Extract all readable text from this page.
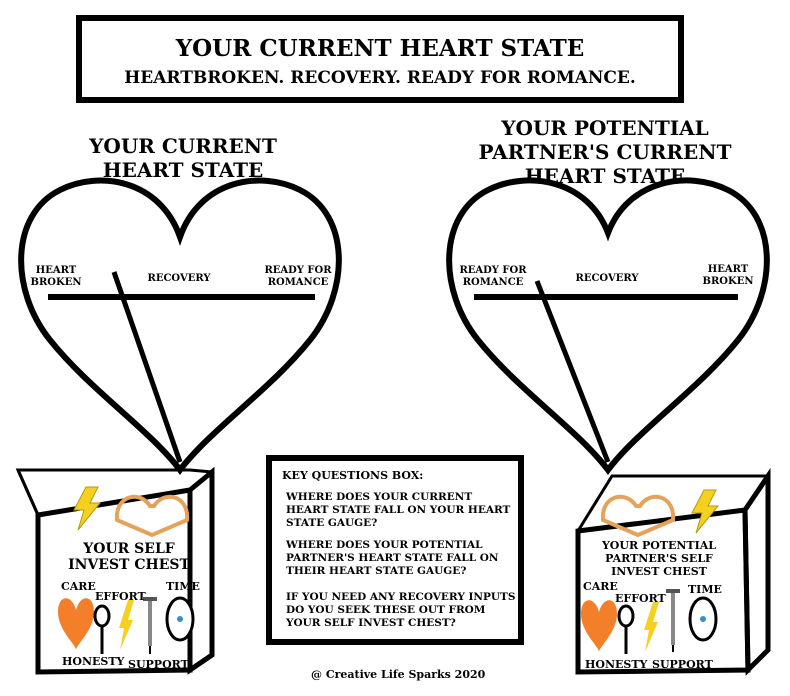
YOUR CURRENT HEART STATE
HEARTBROKEN. RECOVERY. READY FOR ROMANCE.
YOUR CURRENT
HEART STATE
HEART
BROKEN	RECOVERY
READY FOR
ROMANCE
YOUR POTENTIAL
PARTNER'S CURRENT
HEART STATE
READY FOR
ROMANCE	RECOVERY
HEART
BROKEN
YOUR SELF
INVEST CHEST
CARE
EFFORT
TIME
HONESTY SUPPORT
YOUR POTENTIAL
PARTNER'S SELF
INVEST CHEST
CARE
EFFORT
TIME
HONESTY SUPPORT
KEY QUESTIONS BOX:
WHERE DOES YOUR CURRENT HEART STATE FALL ON YOUR HEART STATE GAUGE?
WHERE DOES YOUR POTENTIAL PARTNER'S HEART STATE FALL ON THEIR HEART STATE GAUGE?
IF YOU NEED ANY RECOVERY INPUTS DO YOU SEEK THESE OUT FROM YOUR SELF INVEST CHEST?
@ Creative Life Sparks 2020
